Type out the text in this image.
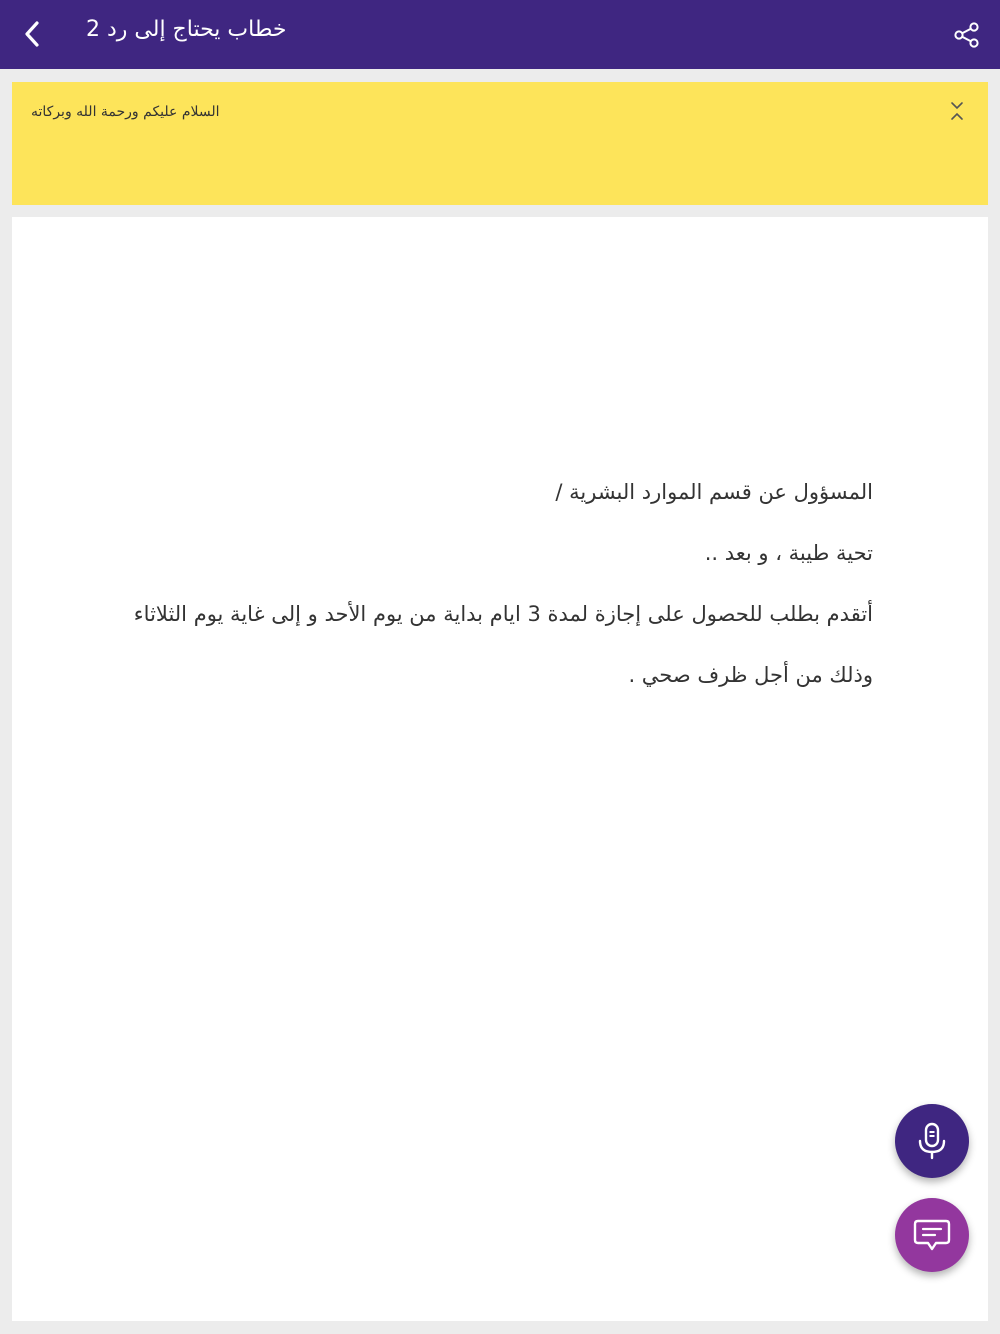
خطاب يحتاج إلى رد 2
السلام عليكم ورحمة الله وبركاته

المسؤول عن قسم الموارد البشرية /

تحية طيبة ، و بعد ..

أتقدم بطلب للحصول على إجازة لمدة 3 ايام بداية من يوم الأحد و إلى غاية يوم الثلاثاء

وذلك من أجل ظرف صحي .
